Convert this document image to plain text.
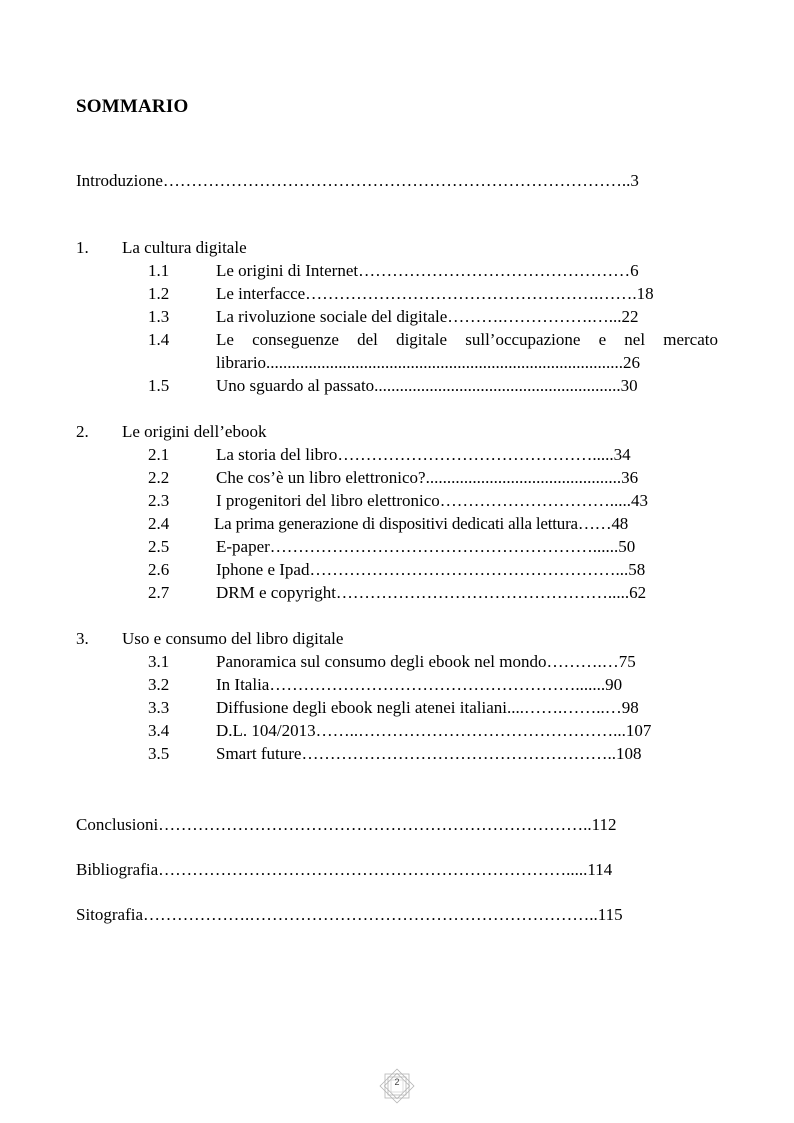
SOMMARIO
Introduzione………………………………………………………………………..3
1. La cultura digitale
1.1	Le origini di Internet…………………………………………6
1.2	Le interfacce…………………………………………….…….18
1.3	La rivoluzione sociale del digitale……….…………….…...22
1.4	Le conseguenze del digitale sull’occupazione e nel mercato
librario....................................................................................26
1.5	Uno sguardo al passato..........................................................30
2. Le origini dell’ebook
2.1	La storia del libro……………………………………….....34
2.2	Che cos’è un libro elettronico?..............................................36
2.3	I progenitori del libro elettronico………………………….....43
2.4	La prima generazione di dispositivi dedicati alla lettura……48
2.5	E-paper…………………………………………………......50
2.6	Iphone e Ipad………………………………………………...58
2.7	DRM e copyright………………………………………….....62
3. Uso e consumo del libro digitale
3.1	Panoramica sul consumo degli ebook nel mondo……….…75
3.2	In Italia……………………………………………….......90
3.3	Diffusione degli ebook negli atenei italiani....…….……..…98
3.4	D.L. 104/2013……..………………………………………...107
3.5	Smart future………………………………………………..108
Conclusioni…………………………………………………………………..112
Bibliografia……………………………………………………………….....114
Sitografia……………….……………………………………………………..115
2
